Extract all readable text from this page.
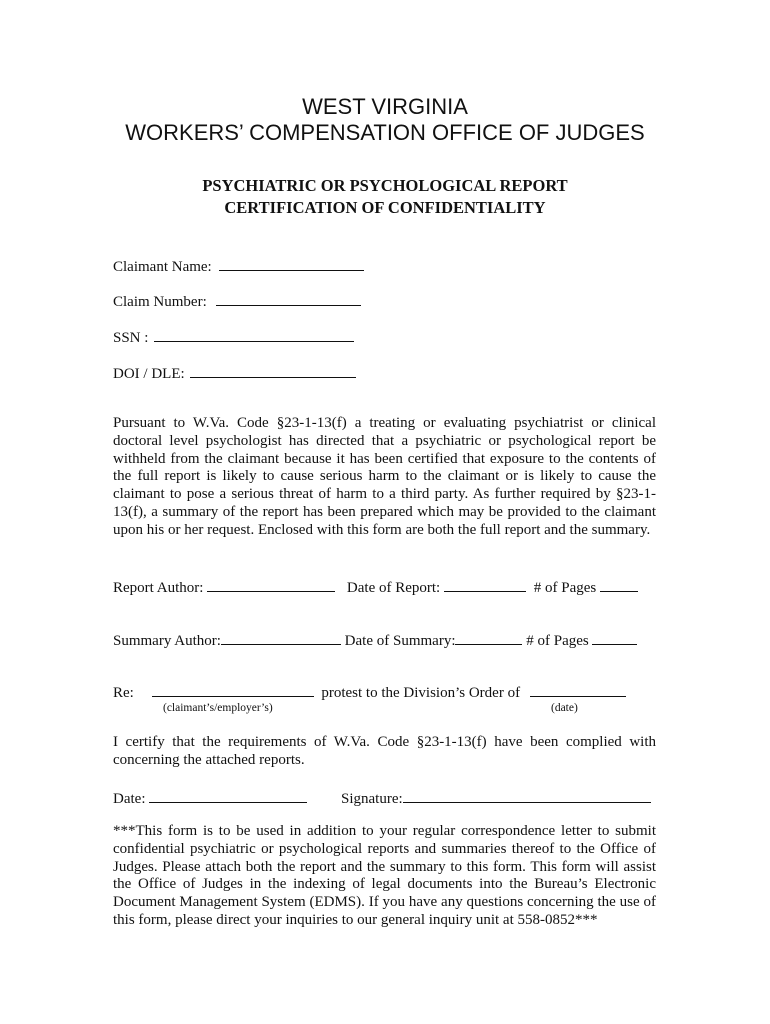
WEST VIRGINIA
WORKERS’ COMPENSATION OFFICE OF JUDGES
PSYCHIATRIC OR PSYCHOLOGICAL REPORT
CERTIFICATION OF CONFIDENTIALITY
Claimant Name:
Claim Number:
SSN :
DOI / DLE:
Pursuant to W.Va. Code §23-1-13(f) a treating or evaluating psychiatrist or clinical doctoral level psychologist has directed that a psychiatric or psychological report be withheld from the claimant because it has been certified that exposure to the contents of the full report is likely to cause serious harm to the claimant or is likely to cause the claimant to pose a serious threat of harm to a third party. As further required by §23-1-13(f), a summary of the report has been prepared which may be provided to the claimant upon his or her request. Enclosed with this form are both the full report and the summary.
Report Author:	Date of Report:	# of Pages
Summary Author:	Date of Summary:	# of Pages
Re:	protest to the Division’s Order of
(claimant’s/employer’s)	(date)
I certify that the requirements of W.Va. Code §23-1-13(f) have been complied with concerning the attached reports.
Date:	Signature:
***This form is to be used in addition to your regular correspondence letter to submit confidential psychiatric or psychological reports and summaries thereof to the Office of Judges. Please attach both the report and the summary to this form. This form will assist the Office of Judges in the indexing of legal documents into the Bureau’s Electronic Document Management System (EDMS). If you have any questions concerning the use of this form, please direct your inquiries to our general inquiry unit at 558-0852***
